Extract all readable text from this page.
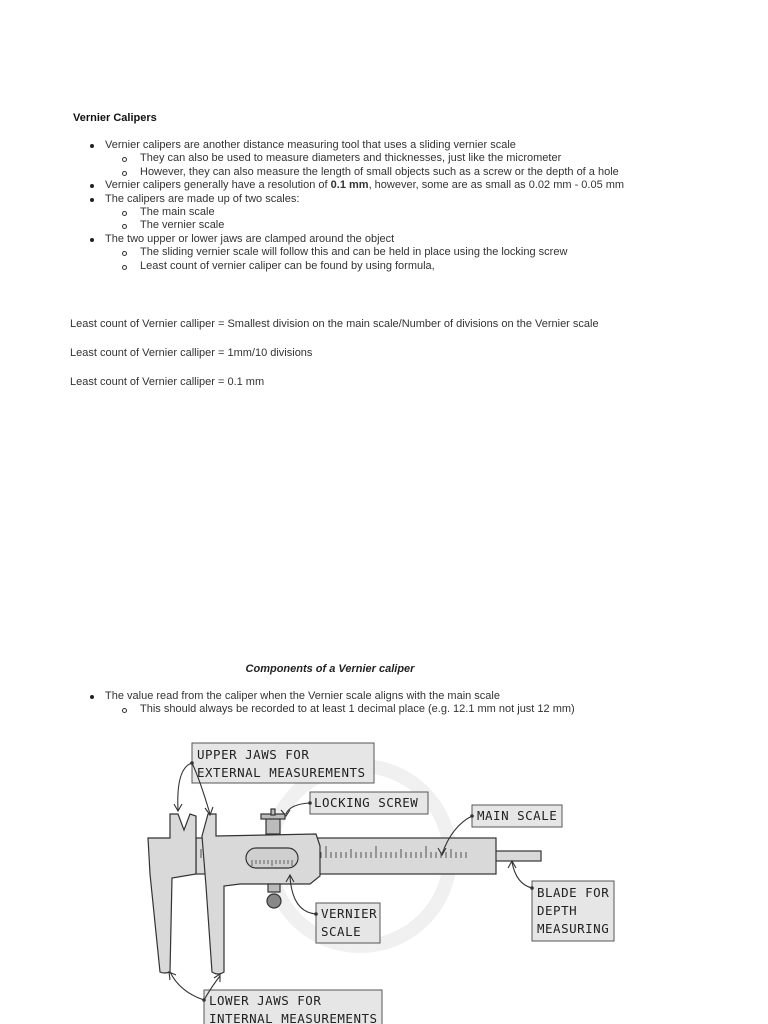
Vernier Calipers
Vernier calipers are another distance measuring tool that uses a sliding vernier scale
They can also be used to measure diameters and thicknesses, just like the micrometer
However, they can also measure the length of small objects such as a screw or the depth of a hole
Vernier calipers generally have a resolution of 0.1 mm, however, some are as small as 0.02 mm - 0.05 mm
The calipers are made up of two scales:
The main scale
The vernier scale
The two upper or lower jaws are clamped around the object
The sliding vernier scale will follow this and can be held in place using the locking screw
Least count of vernier caliper can be found by using formula,
Least count of Vernier calliper = Smallest division on the main scale/Number of divisions on the Vernier scale
Least count of Vernier calliper = 1mm/10 divisions
Least count of Vernier calliper = 0.1 mm
Components of a Vernier caliper
The value read from the caliper when the Vernier scale aligns with the main scale
This should always be recorded to at least 1 decimal place (e.g. 12.1 mm not just 12 mm)
UPPER JAWS FOR
EXTERNAL MEASUREMENTS
LOCKING SCREW
MAIN SCALE
BLADE FOR
DEPTH
MEASURING
VERNIER
SCALE
LOWER JAWS FOR
INTERNAL MEASUREMENTS
